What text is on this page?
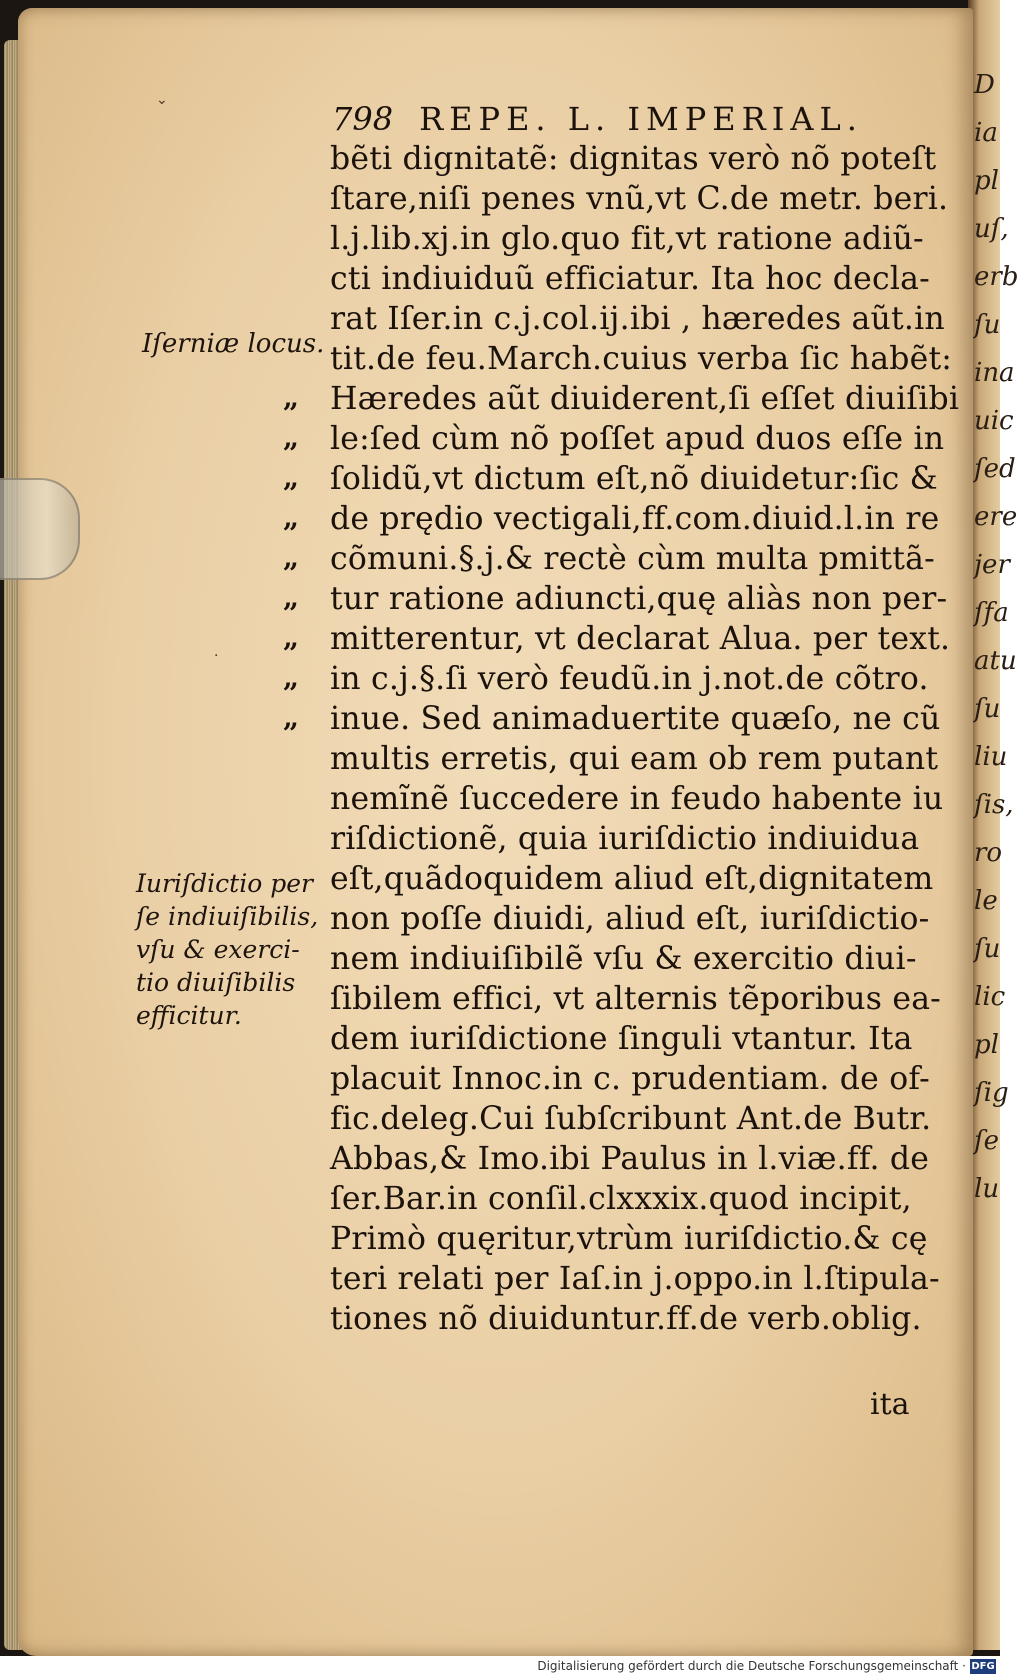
D
ia
pl
uſ,
erb
ſu
ina
uic
ſed
ere
jer
ſfa
atu
ſu
liu
ſis,
ro
le
ſu
lic
pl
ſig
ſe
lu
798 REPE. L. IMPERIAL.
bẽti dignitatẽ: dignitas verò nõ poteſt
ſtare,niſi penes vnũ,vt C.de metr. beri.
l.j.lib.xj.in glo.quo fit,vt ratione adiũ-
cti indiuiduũ efficiatur. Ita hoc decla-
rat Iſer.in c.j.col.ij.ibi , hæredes aũt.in
tit.de feu.March.cuius verba ſic habẽt:
Hæredes aũt diuiderent,ſi eſſet diuiſibi
le:ſed cùm nõ poſſet apud duos eſſe in
ſolidũ,vt dictum eſt,nõ diuidetur:ſic &
de prędio vectigali,ff.com.diuid.l.in re
cõmuni.§.j.& rectè cùm multa pmittã-
tur ratione adiuncti,quę aliàs non per-
mitterentur, vt declarat Alua. per text.
in c.j.§.ſi verò feudũ.in j.not.de cõtro.
inue. Sed animaduertite quæſo, ne cũ
multis erretis, qui eam ob rem putant
nemĩnẽ ſuccedere in feudo habente iu
riſdictionẽ, quia iuriſdictio indiuidua
eſt,quãdoquidem aliud eſt,dignitatem
non poſſe diuidi, aliud eſt, iuriſdictio-
nem indiuiſibilẽ vſu & exercitio diui-
ſibilem effici, vt alternis tẽporibus ea-
dem iuriſdictione ſinguli vtantur. Ita
placuit Innoc.in c. prudentiam. de of-
fic.deleg.Cui ſubſcribunt Ant.de Butr.
Abbas,& Imo.ibi Paulus in l.viæ.ff. de
ſer.Bar.in conſil.clxxxix.quod incipit,
Primò quęritur,vtrùm iuriſdictio.& cę
teri relati per Iaſ.in j.oppo.in l.ſtipula-
tiones nõ diuiduntur.ff.de verb.oblig.
„
„
„
„
„
„
„
„
„
Iſerniæ locus.
Iuriſdictio per
ſe indiuiſibilis,
vſu & exerci-
tio diuiſibilis
efficitur.
ita
⌄
·
Digitalisierung gefördert durch die Deutsche Forschungsgemeinschaft · DFG
